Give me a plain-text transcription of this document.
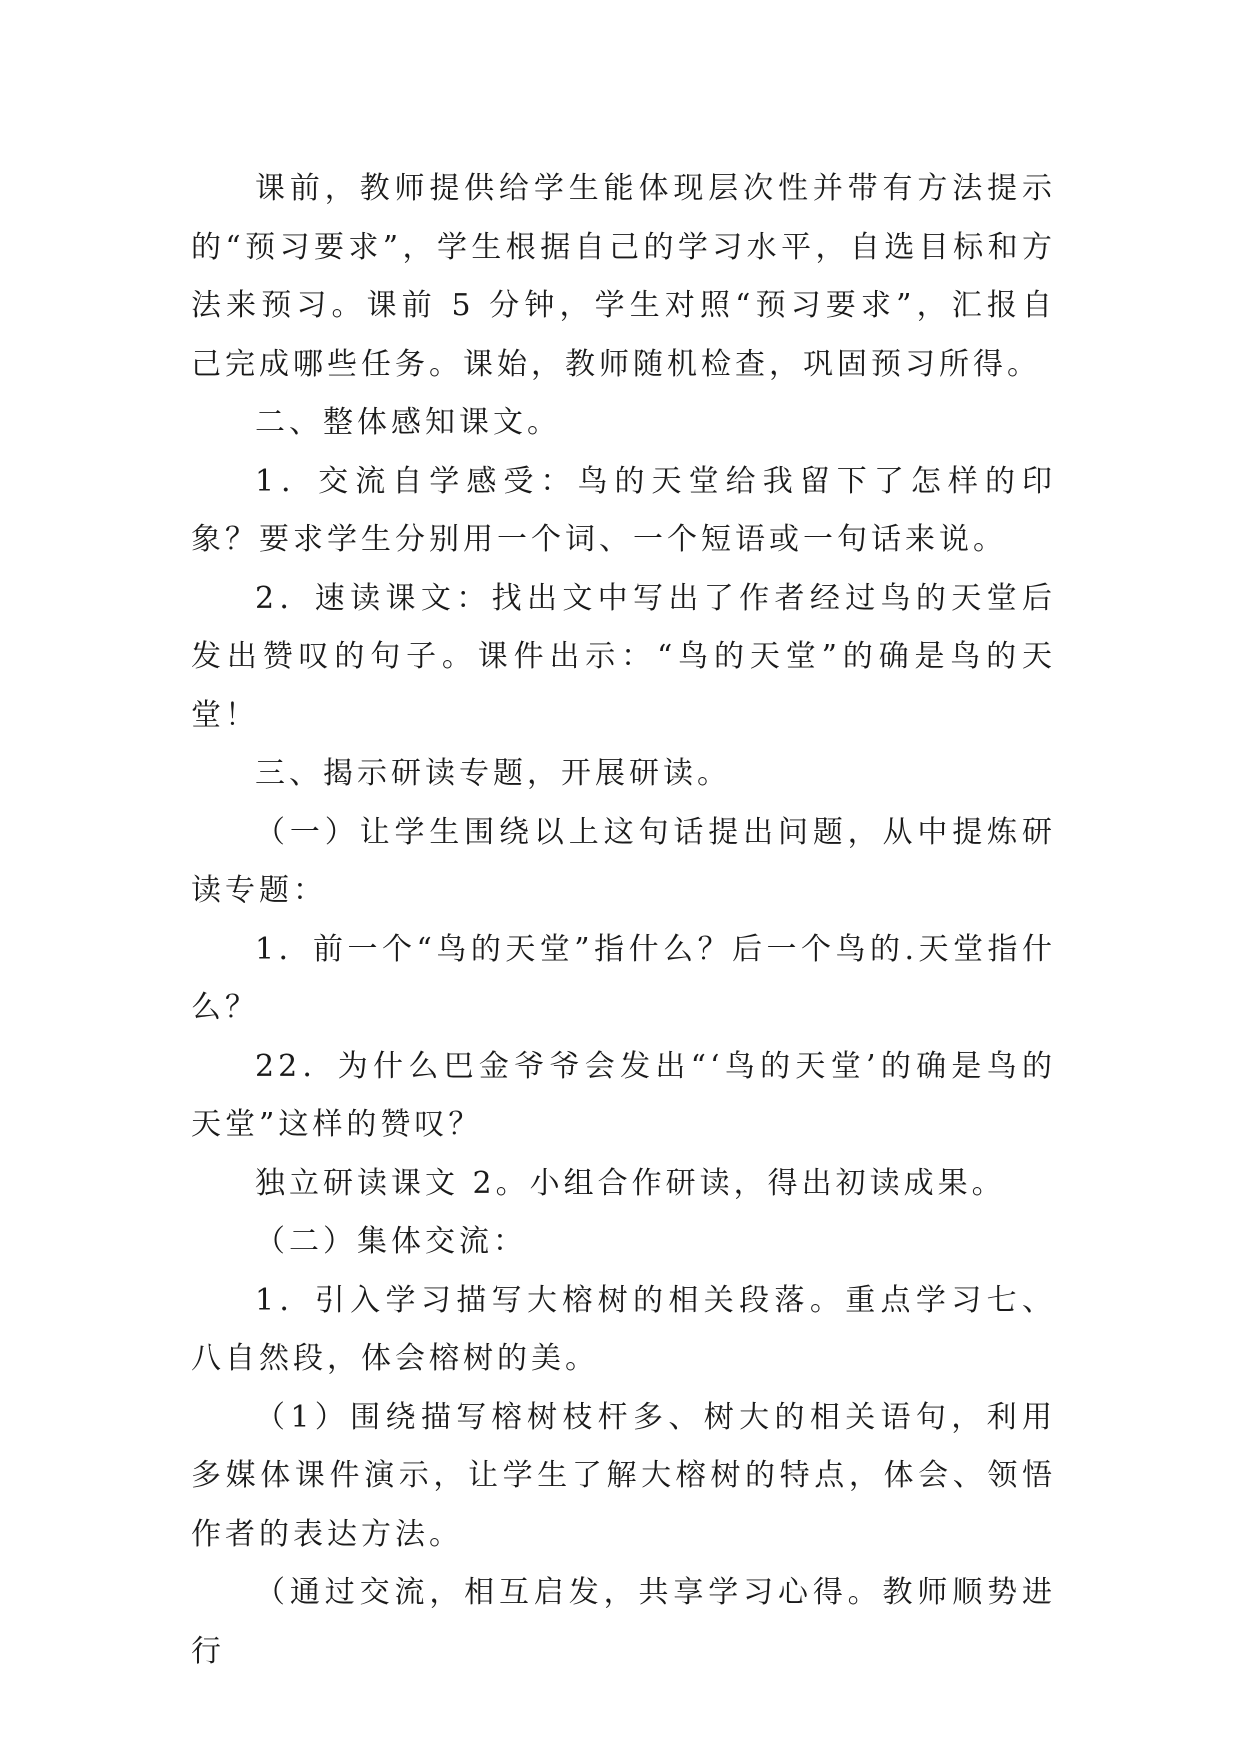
课前，教师提供给学生能体现层次性并带有方法提示的“预习要求”，学生根据自己的学习水平，自选目标和方法来预习。课前 5 分钟，学生对照“预习要求”，汇报自己完成哪些任务。课始，教师随机检查，巩固预习所得。

二、整体感知课文。

1．交流自学感受：鸟的天堂给我留下了怎样的印象？要求学生分别用一个词、一个短语或一句话来说。

2．速读课文：找出文中写出了作者经过鸟的天堂后发出赞叹的句子。课件出示：“鸟的天堂”的确是鸟的天堂！

三、揭示研读专题，开展研读。

（一）让学生围绕以上这句话提出问题，从中提炼研读专题：

1．前一个“鸟的天堂”指什么？后一个鸟的.天堂指什么？

22．为什么巴金爷爷会发出“‘鸟的天堂’的确是鸟的天堂”这样的赞叹？

独立研读课文 2。小组合作研读，得出初读成果。

（二）集体交流：

1．引入学习描写大榕树的相关段落。重点学习七、八自然段，体会榕树的美。

（1）围绕描写榕树枝杆多、树大的相关语句，利用多媒体课件演示，让学生了解大榕树的特点，体会、领悟作者的表达方法。

（通过交流，相互启发，共享学习心得。教师顺势进行
